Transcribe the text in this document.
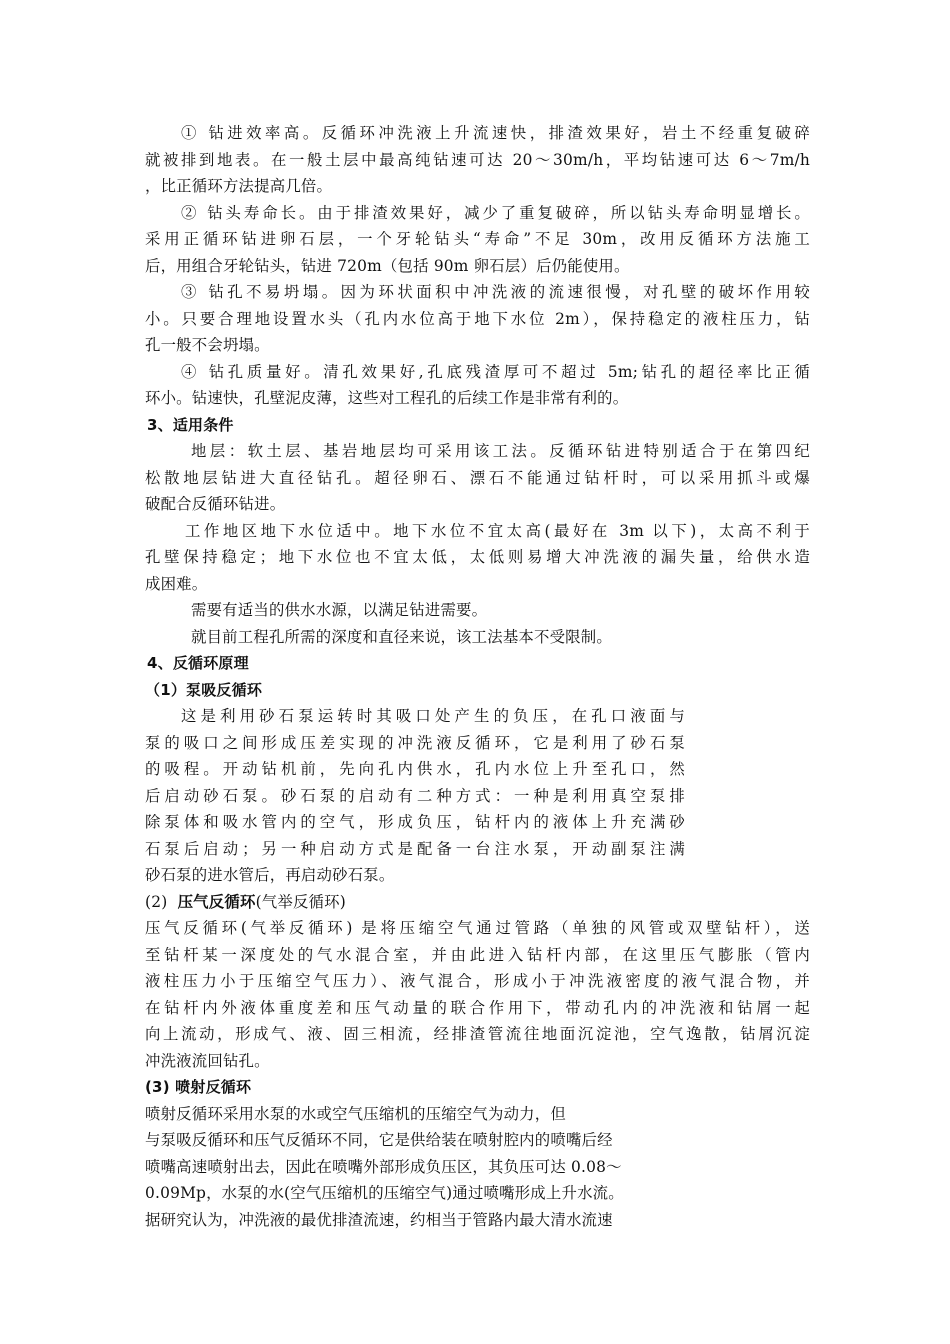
① 钻进效率高。反循环冲洗液上升流速快，排渣效果好，岩土不经重复破碎
就被排到地表。在一般土层中最高纯钻速可达 20～30m/h，平均钻速可达 6～7m/h
，比正循环方法提高几倍。
② 钻头寿命长。由于排渣效果好，减少了重复破碎，所以钻头寿命明显增长。
采用正循环钻进卵石层，一个牙轮钻头“寿命”不足 30m，改用反循环方法施工
后，用组合牙轮钻头，钻进 720m（包括 90m 卵石层）后仍能使用。
③ 钻孔不易坍塌。因为环状面积中冲洗液的流速很慢，对孔壁的破坏作用较
小。只要合理地设置水头（孔内水位高于地下水位 2m），保持稳定的液柱压力，钻
孔一般不会坍塌。
④ 钻孔质量好。清孔效果好,孔底残渣厚可不超过 5m;钻孔的超径率比正循
环小。钻速快，孔壁泥皮薄，这些对工程孔的后续工作是非常有利的。
3、适用条件
地层：软土层、基岩地层均可采用该工法。反循环钻进特别适合于在第四纪
松散地层钻进大直径钻孔。超径卵石、漂石不能通过钻杆时，可以采用抓斗或爆
破配合反循环钻进。
工作地区地下水位适中。地下水位不宜太高(最好在 3m 以下)，太高不利于
孔壁保持稳定；地下水位也不宜太低，太低则易增大冲洗液的漏失量，给供水造
成困难。
需要有适当的供水水源，以满足钻进需要。
就目前工程孔所需的深度和直径来说，该工法基本不受限制。
4、反循环原理
（1）泵吸反循环
这是利用砂石泵运转时其吸口处产生的负压，在孔口液面与
泵的吸口之间形成压差实现的冲洗液反循环，它是利用了砂石泵
的吸程。开动钻机前，先向孔内供水，孔内水位上升至孔口，然
后启动砂石泵。砂石泵的启动有二种方式：一种是利用真空泵排
除泵体和吸水管内的空气，形成负压，钻杆内的液体上升充满砂
石泵后启动；另一种启动方式是配备一台注水泵，开动副泵注满
砂石泵的进水管后，再启动砂石泵。
(2) 压气反循环(气举反循环)
压气反循环(气举反循环) 是将压缩空气通过管路（单独的风管或双壁钻杆），送
至钻杆某一深度处的气水混合室，并由此进入钻杆内部，在这里压气膨胀（管内
液柱压力小于压缩空气压力）、液气混合，形成小于冲洗液密度的液气混合物，并
在钻杆内外液体重度差和压气动量的联合作用下，带动孔内的冲洗液和钻屑一起
向上流动，形成气、液、固三相流，经排渣管流往地面沉淀池，空气逸散，钻屑沉淀
冲洗液流回钻孔。
(3) 喷射反循环
喷射反循环采用水泵的水或空气压缩机的压缩空气为动力，但
与泵吸反循环和压气反循环不同，它是供给装在喷射腔内的喷嘴后经
喷嘴高速喷射出去，因此在喷嘴外部形成负压区，其负压可达 0.08～
0.09Mp，水泵的水(空气压缩机的压缩空气)通过喷嘴形成上升水流。
据研究认为，冲洗液的最优排渣流速，约相当于管路内最大清水流速
